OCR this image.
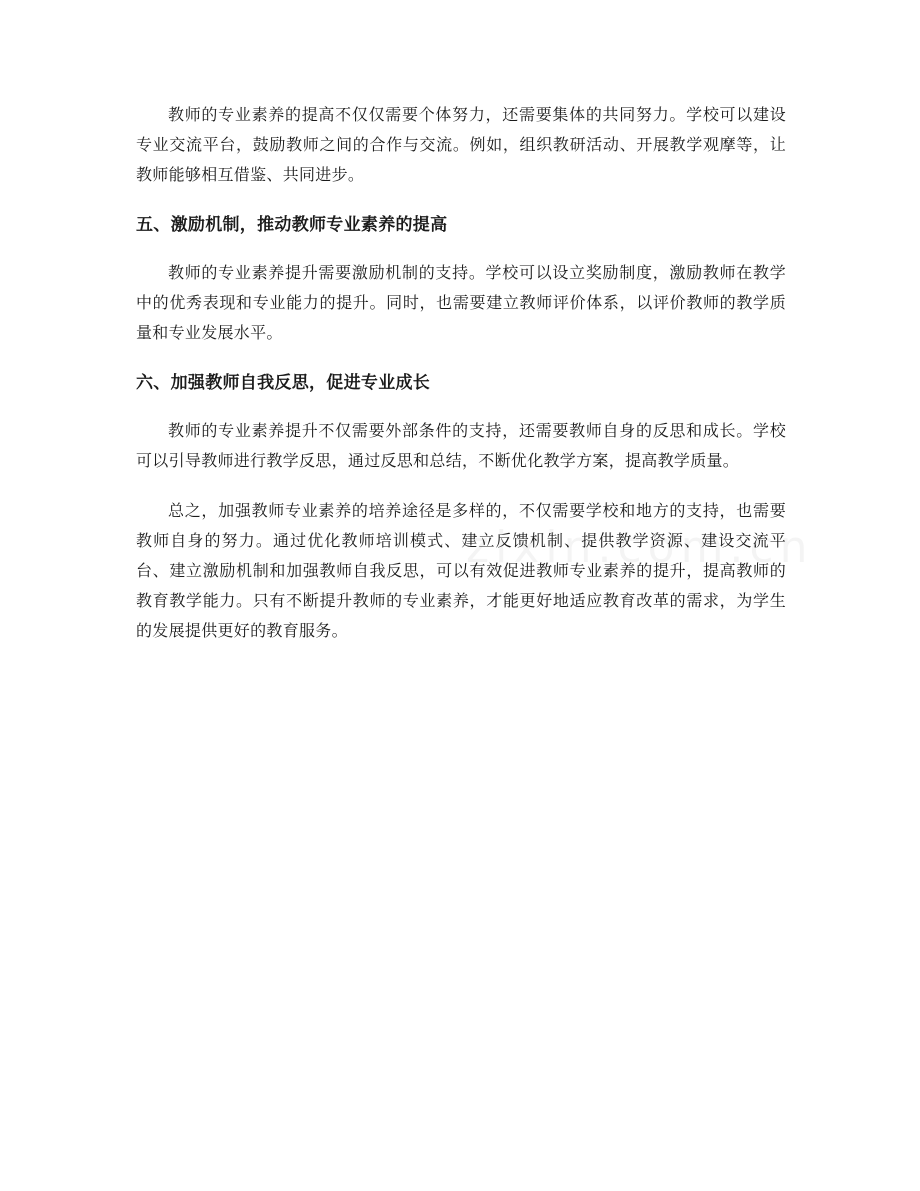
教师的专业素养的提高不仅仅需要个体努力，还需要集体的共同努力。学校可以建设专业交流平台，鼓励教师之间的合作与交流。例如，组织教研活动、开展教学观摩等，让教师能够相互借鉴、共同进步。

五、激励机制，推动教师专业素养的提高

教师的专业素养提升需要激励机制的支持。学校可以设立奖励制度，激励教师在教学中的优秀表现和专业能力的提升。同时，也需要建立教师评价体系，以评价教师的教学质量和专业发展水平。

六、加强教师自我反思，促进专业成长

教师的专业素养提升不仅需要外部条件的支持，还需要教师自身的反思和成长。学校可以引导教师进行教学反思，通过反思和总结，不断优化教学方案，提高教学质量。

总之，加强教师专业素养的培养途径是多样的，不仅需要学校和地方的支持，也需要教师自身的努力。通过优化教师培训模式、建立反馈机制、提供教学资源、建设交流平台、建立激励机制和加强教师自我反思，可以有效促进教师专业素养的提升，提高教师的教育教学能力。只有不断提升教师的专业素养，才能更好地适应教育改革的需求，为学生的发展提供更好的教育服务。
